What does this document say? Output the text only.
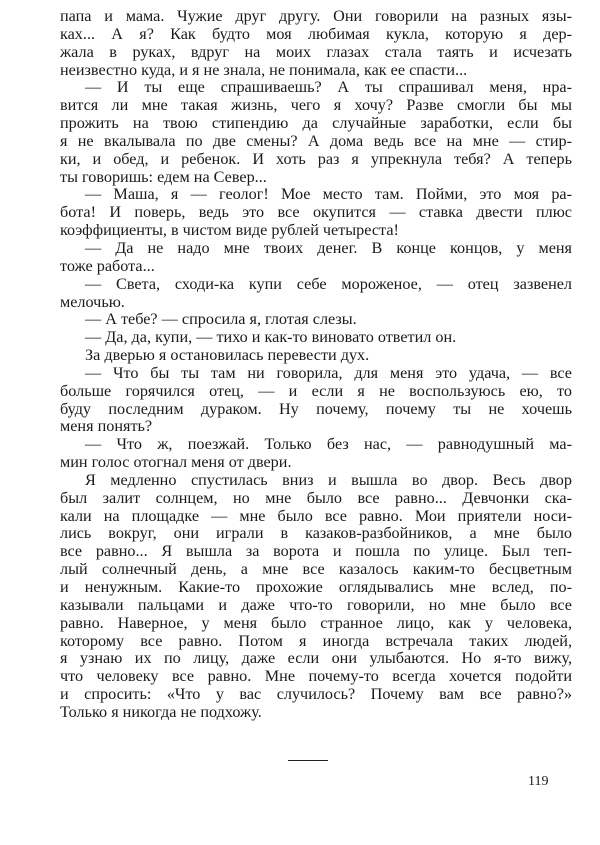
папа и мама. Чужие друг другу. Они говорили на разных язы-
ках... А я? Как будто моя любимая кукла, которую я дер-
жала в руках, вдруг на моих глазах стала таять и исчезать
неизвестно куда, и я не знала, не понимала, как ее спасти...
— И ты еще спрашиваешь? А ты спрашивал меня, нра-
вится ли мне такая жизнь, чего я хочу? Разве смогли бы мы
прожить на твою стипендию да случайные заработки, если бы
я не вкалывала по две смены? А дома ведь все на мне — стир-
ки, и обед, и ребенок. И хоть раз я упрекнула тебя? А теперь
ты говоришь: едем на Север...
— Маша, я — геолог! Мое место там. Пойми, это моя ра-
бота! И поверь, ведь это все окупится — ставка двести плюс
коэффициенты, в чистом виде рублей четыреста!
— Да не надо мне твоих денег. В конце концов, у меня
тоже работа...
— Света, сходи-ка купи себе мороженое, — отец зазвенел
мелочью.
— А тебе? — спросила я, глотая слезы.
— Да, да, купи, — тихо и как-то виновато ответил он.
За дверью я остановилась перевести дух.
— Что бы ты там ни говорила, для меня это удача, — все
больше горячился отец, — и если я не воспользуюсь ею, то
буду последним дураком. Ну почему, почему ты не хочешь
меня понять?
— Что ж, поезжай. Только без нас, — равнодушный ма-
мин голос отогнал меня от двери.
Я медленно спустилась вниз и вышла во двор. Весь двор
был залит солнцем, но мне было все равно... Девчонки ска-
кали на площадке — мне было все равно. Мои приятели носи-
лись вокруг, они играли в казаков-разбойников, а мне было
все равно... Я вышла за ворота и пошла по улице. Был теп-
лый солнечный день, а мне все казалось каким-то бесцветным
и ненужным. Какие-то прохожие оглядывались мне вслед, по-
казывали пальцами и даже что-то говорили, но мне было все
равно. Наверное, у меня было странное лицо, как у человека,
которому все равно. Потом я иногда встречала таких людей,
я узнаю их по лицу, даже если они улыбаются. Но я-то вижу,
что человеку все равно. Мне почему-то всегда хочется подойти
и спросить: «Что у вас случилось? Почему вам все равно?»
Только я никогда не подхожу.
119
